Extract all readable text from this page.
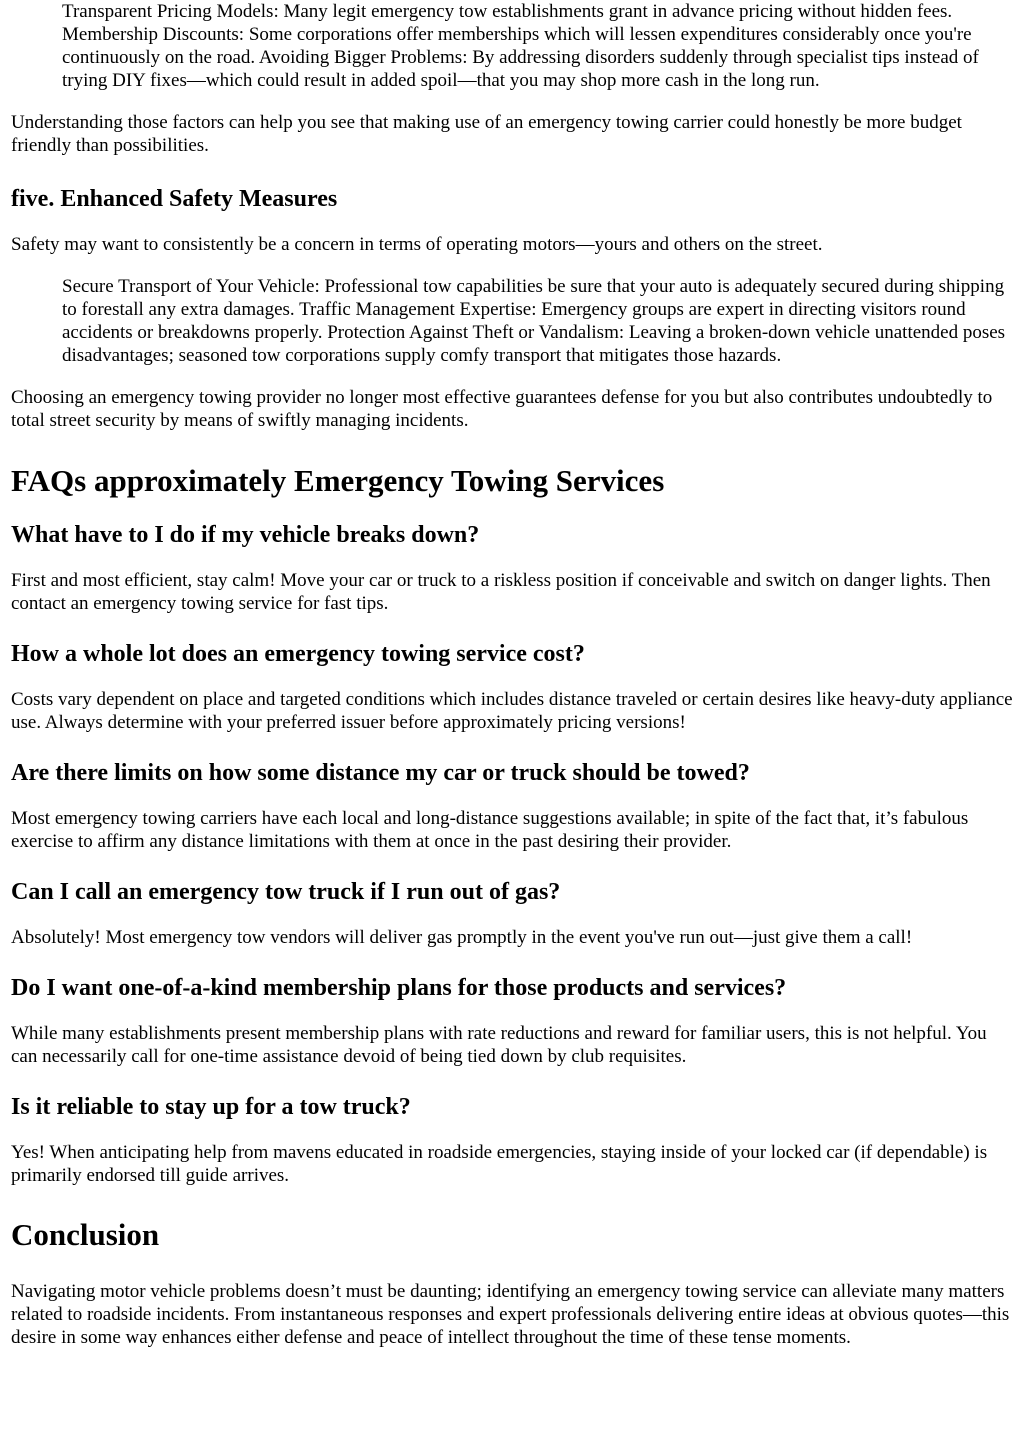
Transparent Pricing Models: Many legit emergency tow establishments grant in advance pricing without hidden fees. Membership Discounts: Some corporations offer memberships which will lessen expenditures considerably once you're continuously on the road. Avoiding Bigger Problems: By addressing disorders suddenly through specialist tips instead of trying DIY fixes—which could result in added spoil—that you may shop more cash in the long run.

Understanding those factors can help you see that making use of an emergency towing carrier could honestly be more budget friendly than possibilities.

five. Enhanced Safety Measures

Safety may want to consistently be a concern in terms of operating motors—yours and others on the street.

Secure Transport of Your Vehicle: Professional tow capabilities be sure that your auto is adequately secured during shipping to forestall any extra damages. Traffic Management Expertise: Emergency groups are expert in directing visitors round accidents or breakdowns properly. Protection Against Theft or Vandalism: Leaving a broken-down vehicle unattended poses disadvantages; seasoned tow corporations supply comfy transport that mitigates those hazards.

Choosing an emergency towing provider no longer most effective guarantees defense for you but also contributes undoubtedly to total street security by means of swiftly managing incidents.

FAQs approximately Emergency Towing Services
What have to I do if my vehicle breaks down?

First and most efficient, stay calm! Move your car or truck to a riskless position if conceivable and switch on danger lights. Then contact an emergency towing service for fast tips.

How a whole lot does an emergency towing service cost?

Costs vary dependent on place and targeted conditions which includes distance traveled or certain desires like heavy-duty appliance use. Always determine with your preferred issuer before approximately pricing versions!

Are there limits on how some distance my car or truck should be towed?

Most emergency towing carriers have each local and long-distance suggestions available; in spite of the fact that, it’s fabulous exercise to affirm any distance limitations with them at once in the past desiring their provider.

Can I call an emergency tow truck if I run out of gas?

Absolutely! Most emergency tow vendors will deliver gas promptly in the event you've run out—just give them a call!

Do I want one-of-a-kind membership plans for those products and services?

While many establishments present membership plans with rate reductions and reward for familiar users, this is not helpful. You can necessarily call for one-time assistance devoid of being tied down by club requisites.

Is it reliable to stay up for a tow truck?

Yes! When anticipating help from mavens educated in roadside emergencies, staying inside of your locked car (if dependable) is primarily endorsed till guide arrives.

Conclusion

Navigating motor vehicle problems doesn’t must be daunting; identifying an emergency towing service can alleviate many matters related to roadside incidents. From instantaneous responses and expert professionals delivering entire ideas at obvious quotes—this desire in some way enhances either defense and peace of intellect throughout the time of these tense moments.
